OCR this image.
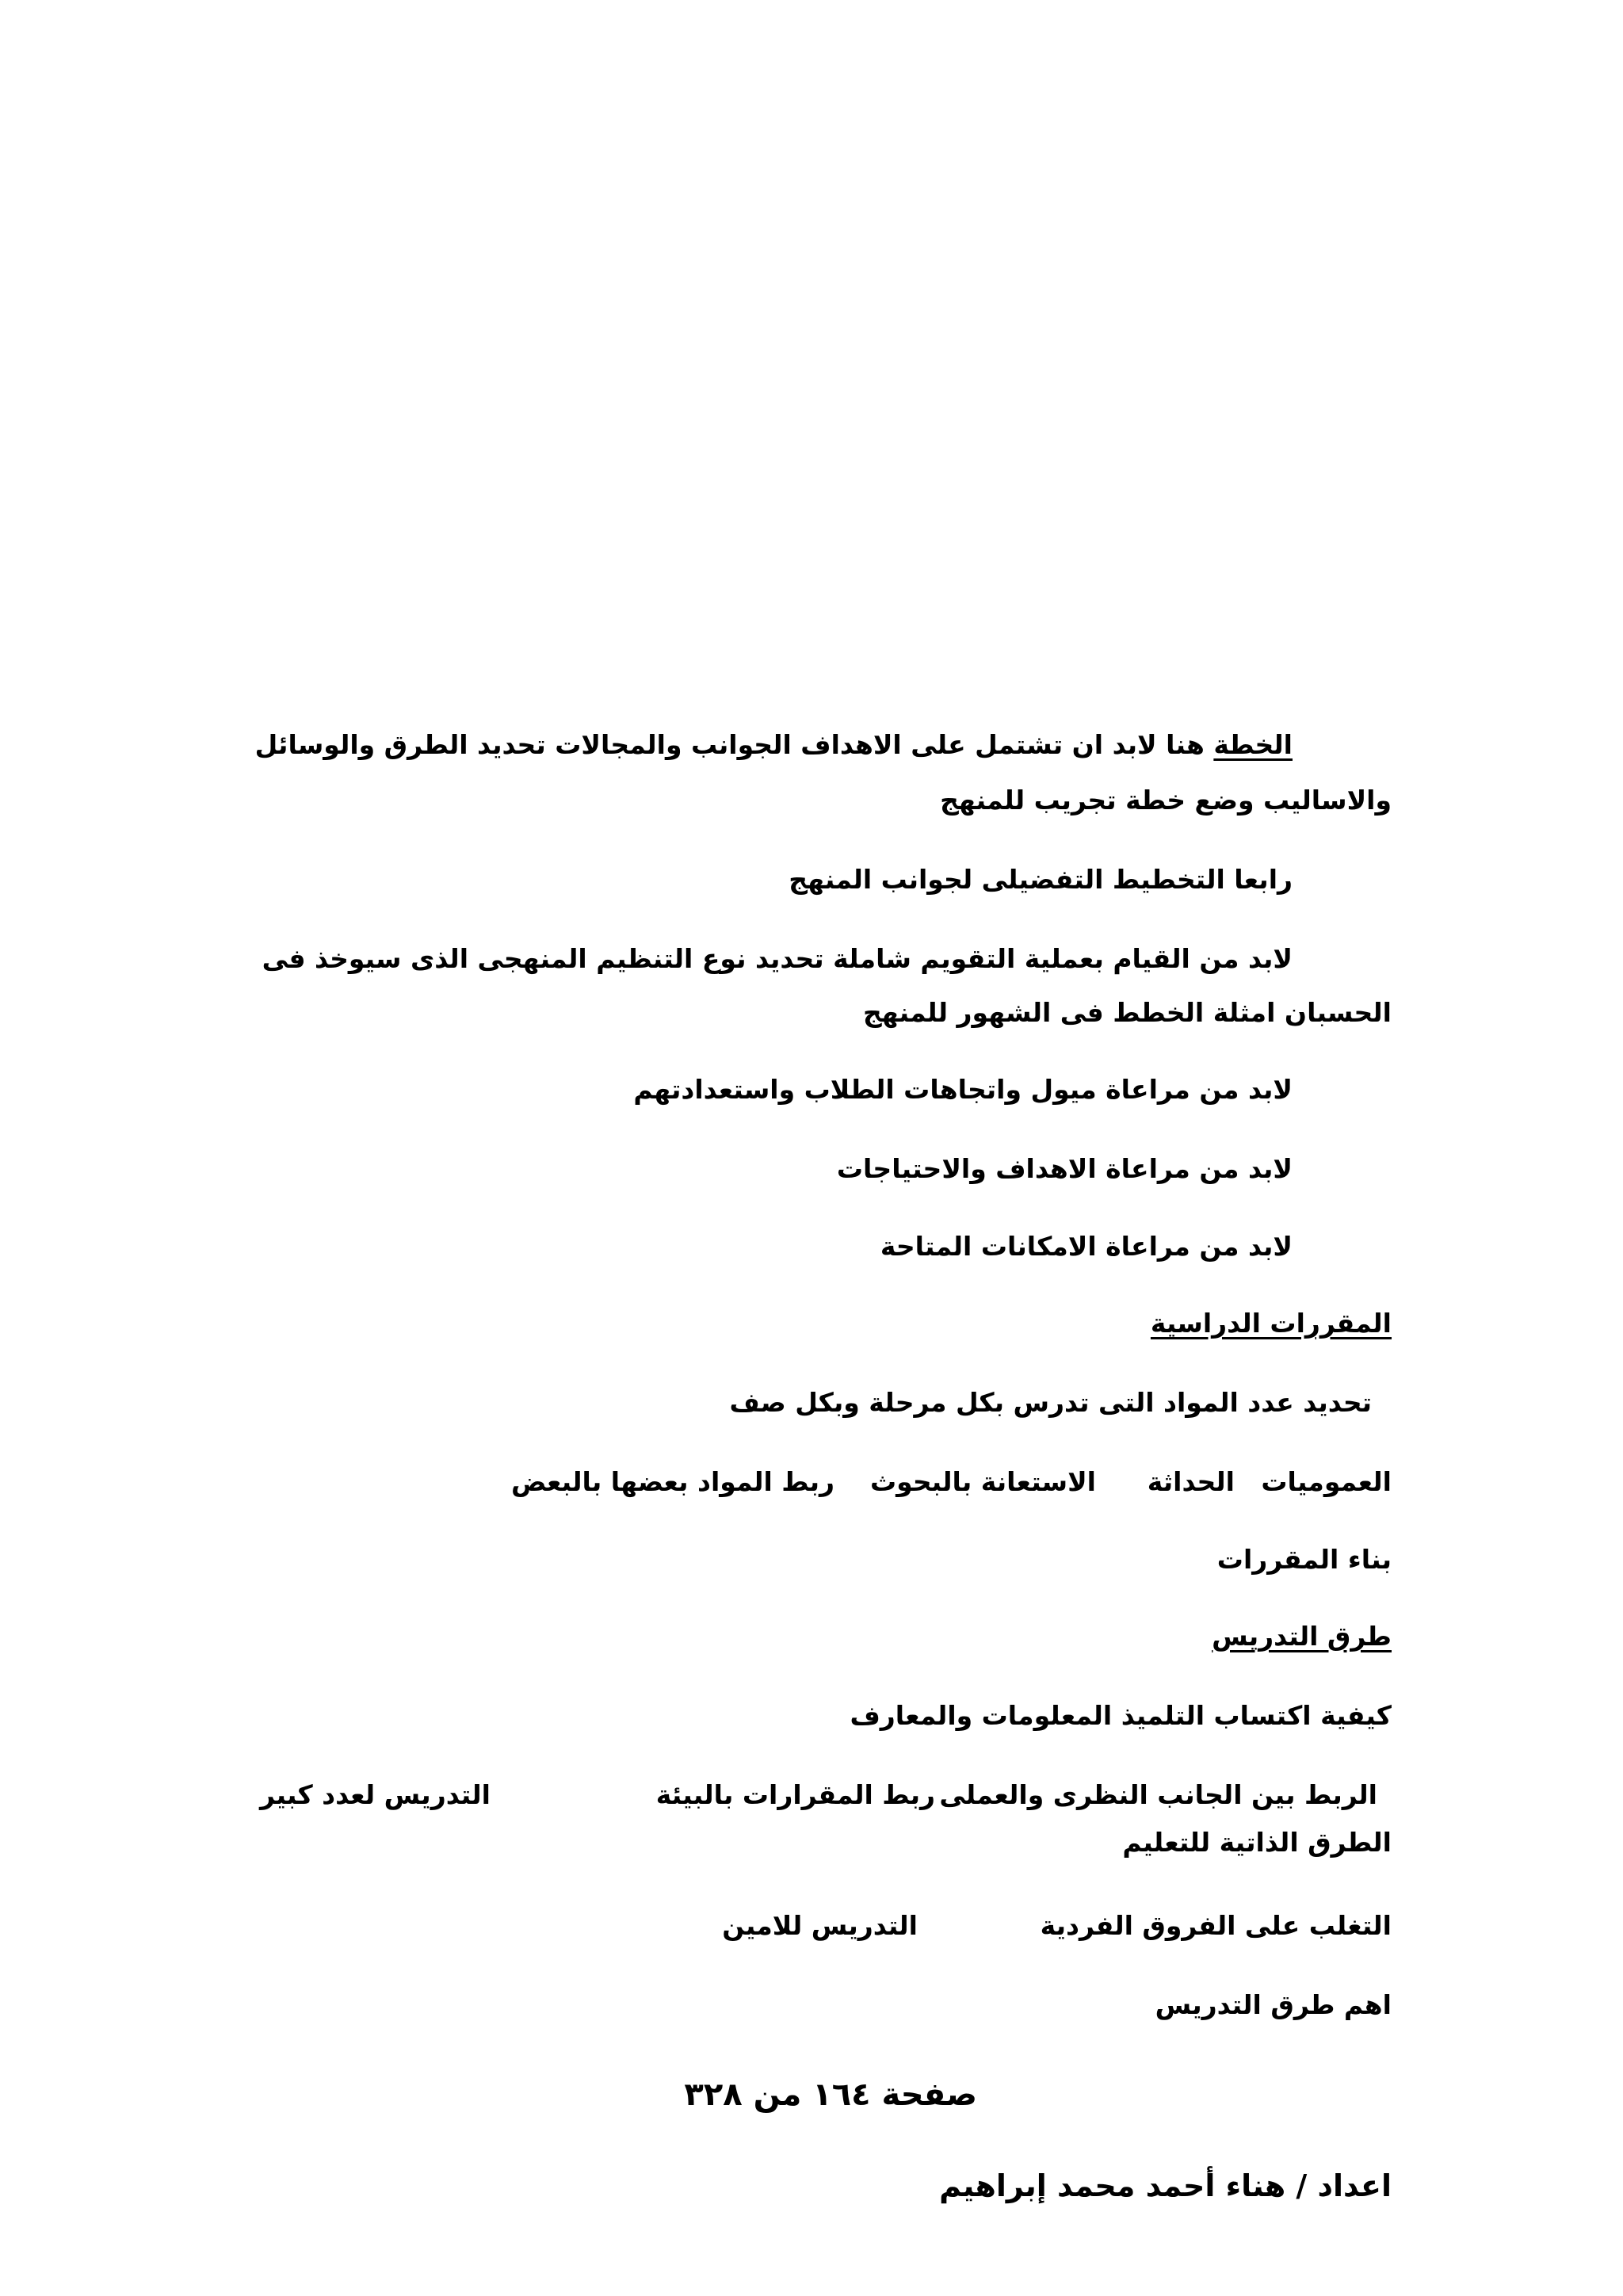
الخطة هنا لابد ان تشتمل على الاهداف الجوانب والمجالات تحديد الطرق والوسائل
والاساليب وضع خطة تجريب للمنهج
رابعا التخطيط التفضيلى لجوانب المنهج
لابد من القيام بعملية التقويم شاملة تحديد نوع التنظيم المنهجى الذى سيوخذ فى
الحسبان امثلة الخطط فى الشهور للمنهج
لابد من مراعاة ميول واتجاهات الطلاب واستعدادتهم
لابد من مراعاة الاهداف والاحتياجات
لابد من مراعاة الامكانات المتاحة
المقررات الدراسية
تحديد عدد المواد التى تدرس بكل مرحلة وبكل صف
العموميات
الحداثة
الاستعانة بالبحوث
ربط المواد بعضها بالبعض
بناء المقررات
طرق التدريس
كيفية اكتساب التلميذ المعلومات والمعارف
الربط بين الجانب النظرى والعملى
ربط المقرارات بالبيئة
التدريس لعدد كبير
الطرق الذاتية للتعليم
التغلب على الفروق الفردية
التدريس للامين
اهم طرق التدريس
صفحة ١٦٤ من ٣٢٨
اعداد / هناء أحمد محمد إبراهيم
